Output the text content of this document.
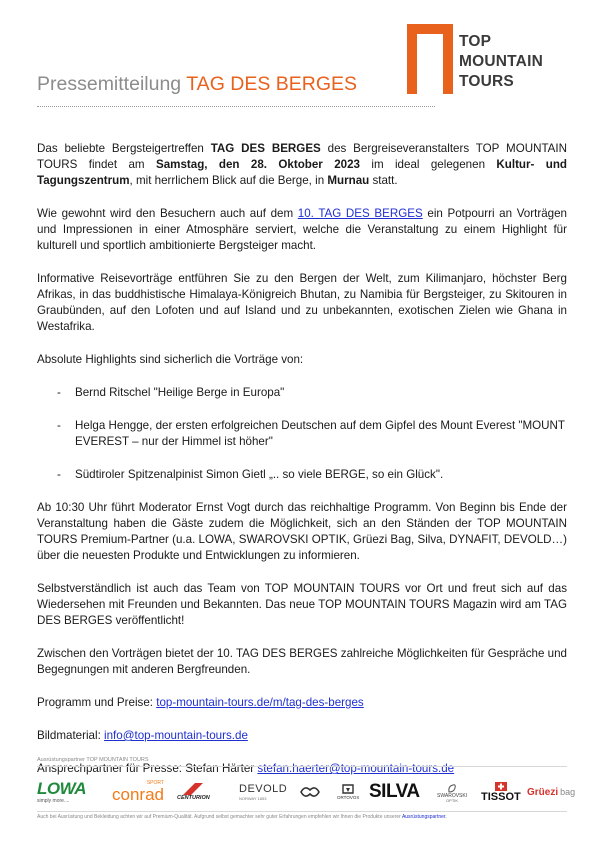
TOP
MOUNTAIN
TOURS
Pressemitteilung TAG DES BERGES

Das beliebte Bergsteigertreffen TAG DES BERGES des Bergreiseveranstalters TOP MOUNTAIN TOURS findet am Samstag, den 28. Oktober 2023 im ideal gelegenen Kultur- und Tagungszentrum, mit herrlichem Blick auf die Berge, in Murnau statt.

Wie gewohnt wird den Besuchern auch auf dem 10. TAG DES BERGES ein Potpourri an Vorträgen und Impressionen in einer Atmosphäre serviert, welche die Veranstaltung zu einem Highlight für kulturell und sportlich ambitionierte Bergsteiger macht.

Informative Reisevorträge entführen Sie zu den Bergen der Welt, zum Kilimanjaro, höchster Berg Afrikas, in das buddhistische Himalaya-Königreich Bhutan, zu Namibia für Bergsteiger, zu Skitouren in Graubünden, auf den Lofoten und auf Island und zu unbekannten, exotischen Zielen wie Ghana in Westafrika.

Absolute Highlights sind sicherlich die Vorträge von:

- Bernd Ritschel "Heilige Berge in Europa"
- Helga Hengge, der ersten erfolgreichen Deutschen auf dem Gipfel des Mount Everest "MOUNT EVEREST – nur der Himmel ist höher"
- Südtiroler Spitzenalpinist Simon Gietl „.. so viele BERGE, so ein Glück".

Ab 10:30 Uhr führt Moderator Ernst Vogt durch das reichhaltige Programm. Von Beginn bis Ende der Veranstaltung haben die Gäste zudem die Möglichkeit, sich an den Ständen der TOP MOUNTAIN TOURS Premium-Partner (u.a. LOWA, SWAROVSKI OPTIK, Grüezi Bag, Silva, DYNAFIT, DEVOLD…) über die neuesten Produkte und Entwicklungen zu informieren.

Selbstverständlich ist auch das Team von TOP MOUNTAIN TOURS vor Ort und freut sich auf das Wiedersehen mit Freunden und Bekannten. Das neue TOP MOUNTAIN TOURS Magazin wird am TAG DES BERGES veröffentlicht!

Zwischen den Vorträgen bietet der 10. TAG DES BERGES zahlreiche Möglichkeiten für Gespräche und Begegnungen mit anderen Bergfreunden.

Programm und Preise: top-mountain-tours.de/m/tag-des-berges

Bildmaterial: info@top-mountain-tours.de

Ansprechpartner für Presse: Stefan Härter stefan.haerter@top-mountain-tours.de

Ausrüstungspartner TOP MOUNTAIN TOURS
LOWA
simply more....
SPORT
conrad CENTURION
DEVOLD
NORWAY 1853	ORTOVOX SILVA	SWAROVSKI
OPTIK TISSOT Grüezi bag
Auch bei Ausrüstung und Bekleidung achten wir auf Premium-Qualität. Aufgrund selbst gemachter sehr guter Erfahrungen empfehlen wir Ihnen die Produkte unserer Ausrüstungspartner.
